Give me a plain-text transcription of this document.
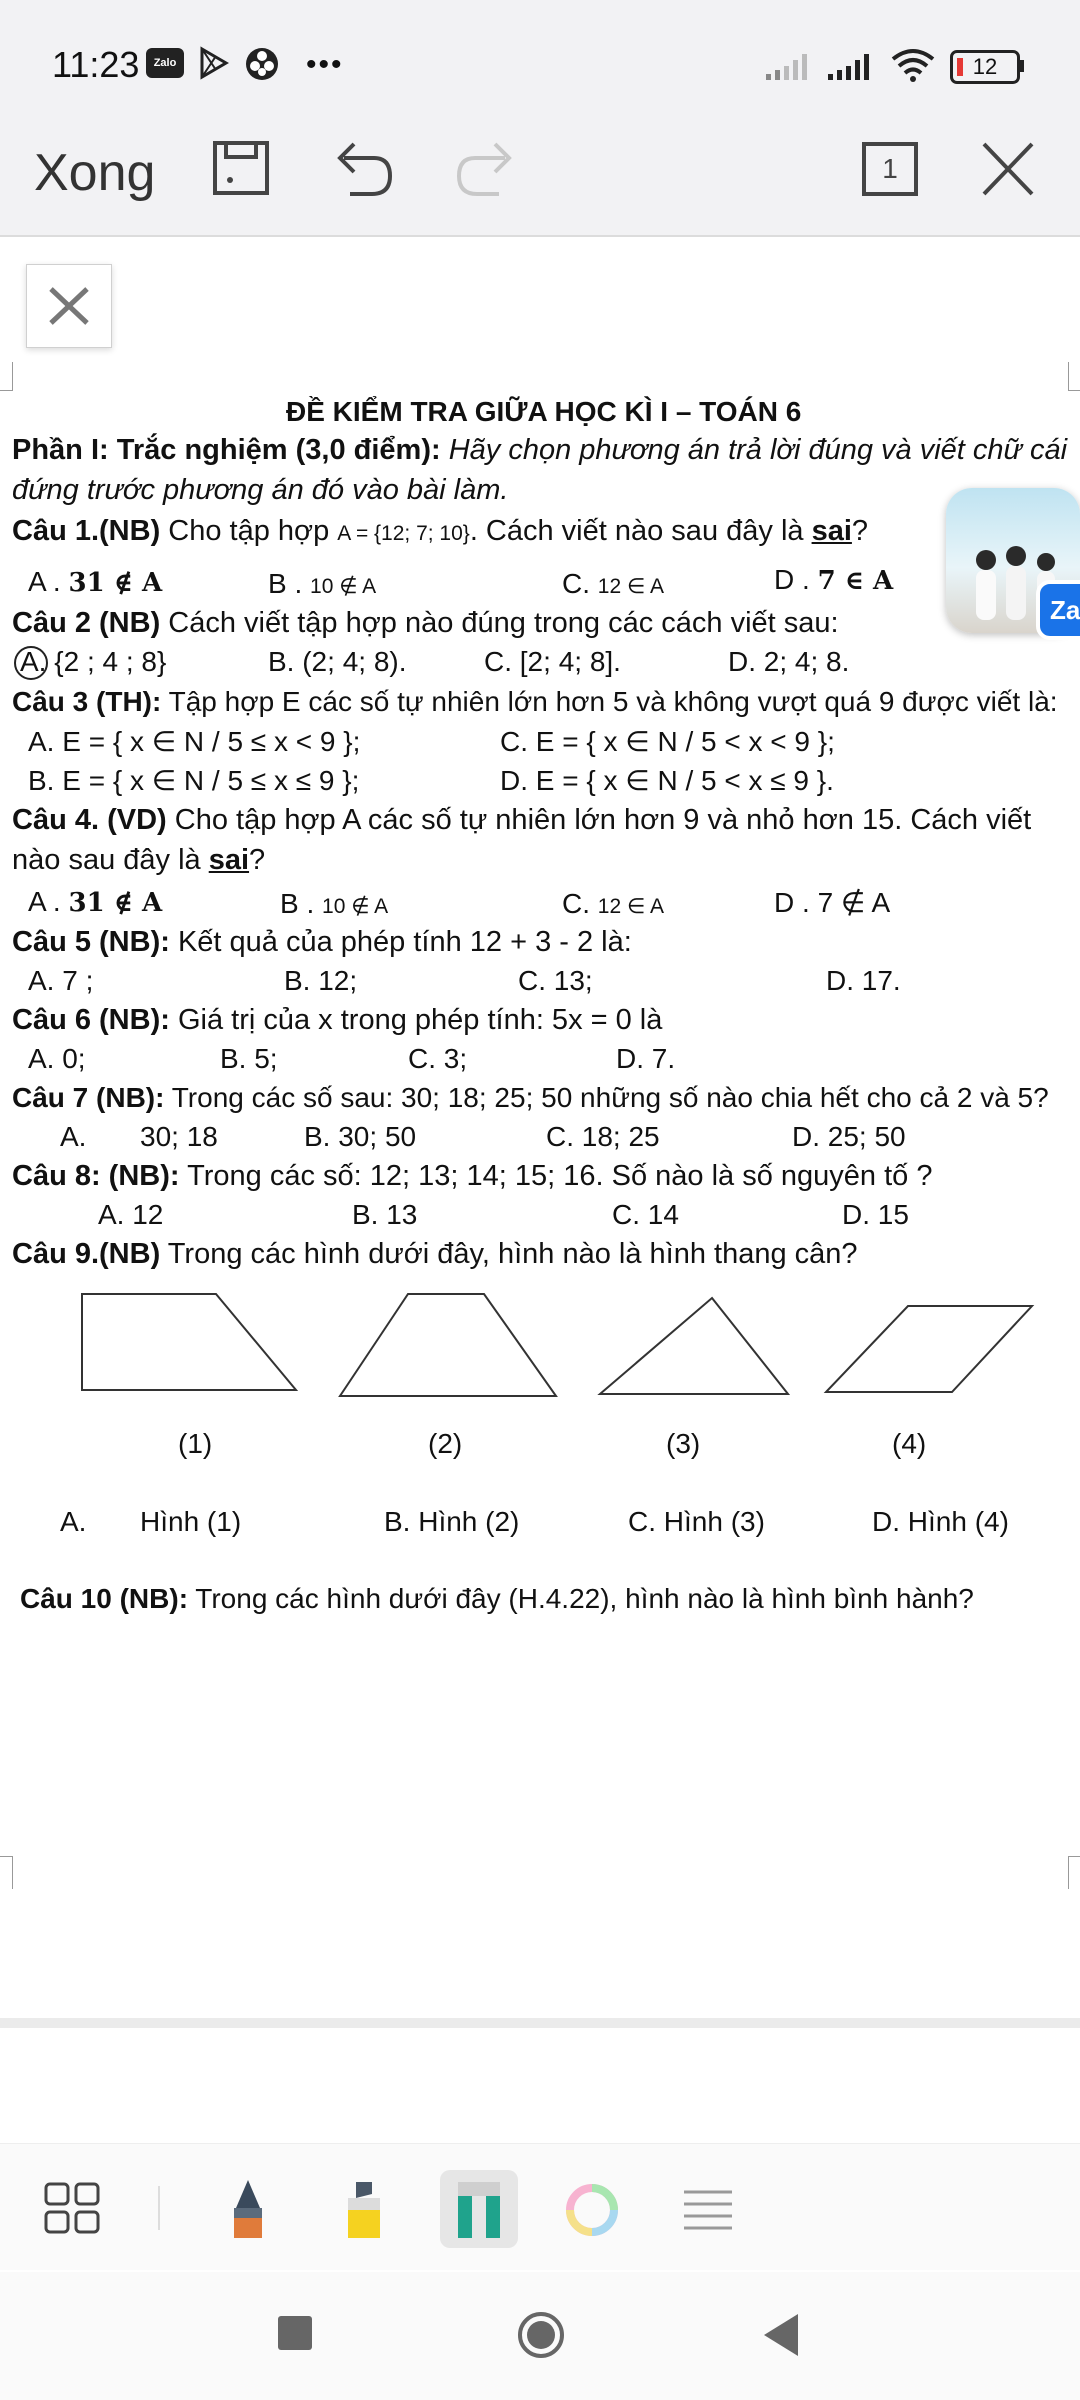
11:23	Zalo	•••	12
Xong	1
ĐỀ KIỂM TRA GIỮA HỌC KÌ I – TOÁN 6
Phần I: Trắc nghiệm (3,0 điểm): Hãy chọn phương án trả lời đúng và viết chữ cái
đứng trước phương án đó vào bài làm.
Câu 1.(NB) Cho tập hợp A = {12; 7; 10}. Cách viết nào sau đây là sai?
A . 31 ∉ A	B . 10 ∉ A	C. 12 ∈ A	D . 7 ∈ A
Za
Câu 2 (NB) Cách viết tập hợp nào đúng trong các cách viết sau:
A. {2 ; 4 ; 8}	B. (2; 4; 8).	C. [2; 4; 8].	D. 2; 4; 8.
Câu 3 (TH): Tập hợp E các số tự nhiên lớn hơn 5 và không vượt quá 9 được viết là:
A. E = { x ∈ N / 5 ≤ x < 9 };	C. E = { x ∈ N / 5 < x < 9 };
B. E = { x ∈ N / 5 ≤ x ≤ 9 };	D. E = { x ∈ N / 5 < x ≤ 9 }.
Câu 4. (VD) Cho tập hợp A các số tự nhiên lớn hơn 9 và nhỏ hơn 15. Cách viết
nào sau đây là sai?
A . 31 ∉ A	B . 10 ∉ A	C. 12 ∈ A	D . 7 ∉ A
Câu 5 (NB): Kết quả của phép tính 12 + 3 - 2 là:
A. 7 ;	B. 12;	C. 13;	D. 17.
Câu 6 (NB): Giá trị của x trong phép tính: 5x = 0 là
A. 0;	B. 5;	C. 3;	D. 7.
Câu 7 (NB): Trong các số sau: 30; 18; 25; 50 những số nào chia hết cho cả 2 và 5?
A. 30; 18	B. 30; 50	C. 18; 25	D. 25; 50
Câu 8: (NB): Trong các số: 12; 13; 14; 15; 16. Số nào là số nguyên tố ?
A. 12	B. 13	C. 14	D. 15
Câu 9.(NB) Trong các hình dưới đây, hình nào là hình thang cân?
(1)	(2)	(3)	(4)
A. Hình (1)	B. Hình (2)	C. Hình (3)	D. Hình (4)
Câu 10 (NB): Trong các hình dưới đây (H.4.22), hình nào là hình bình hành?
